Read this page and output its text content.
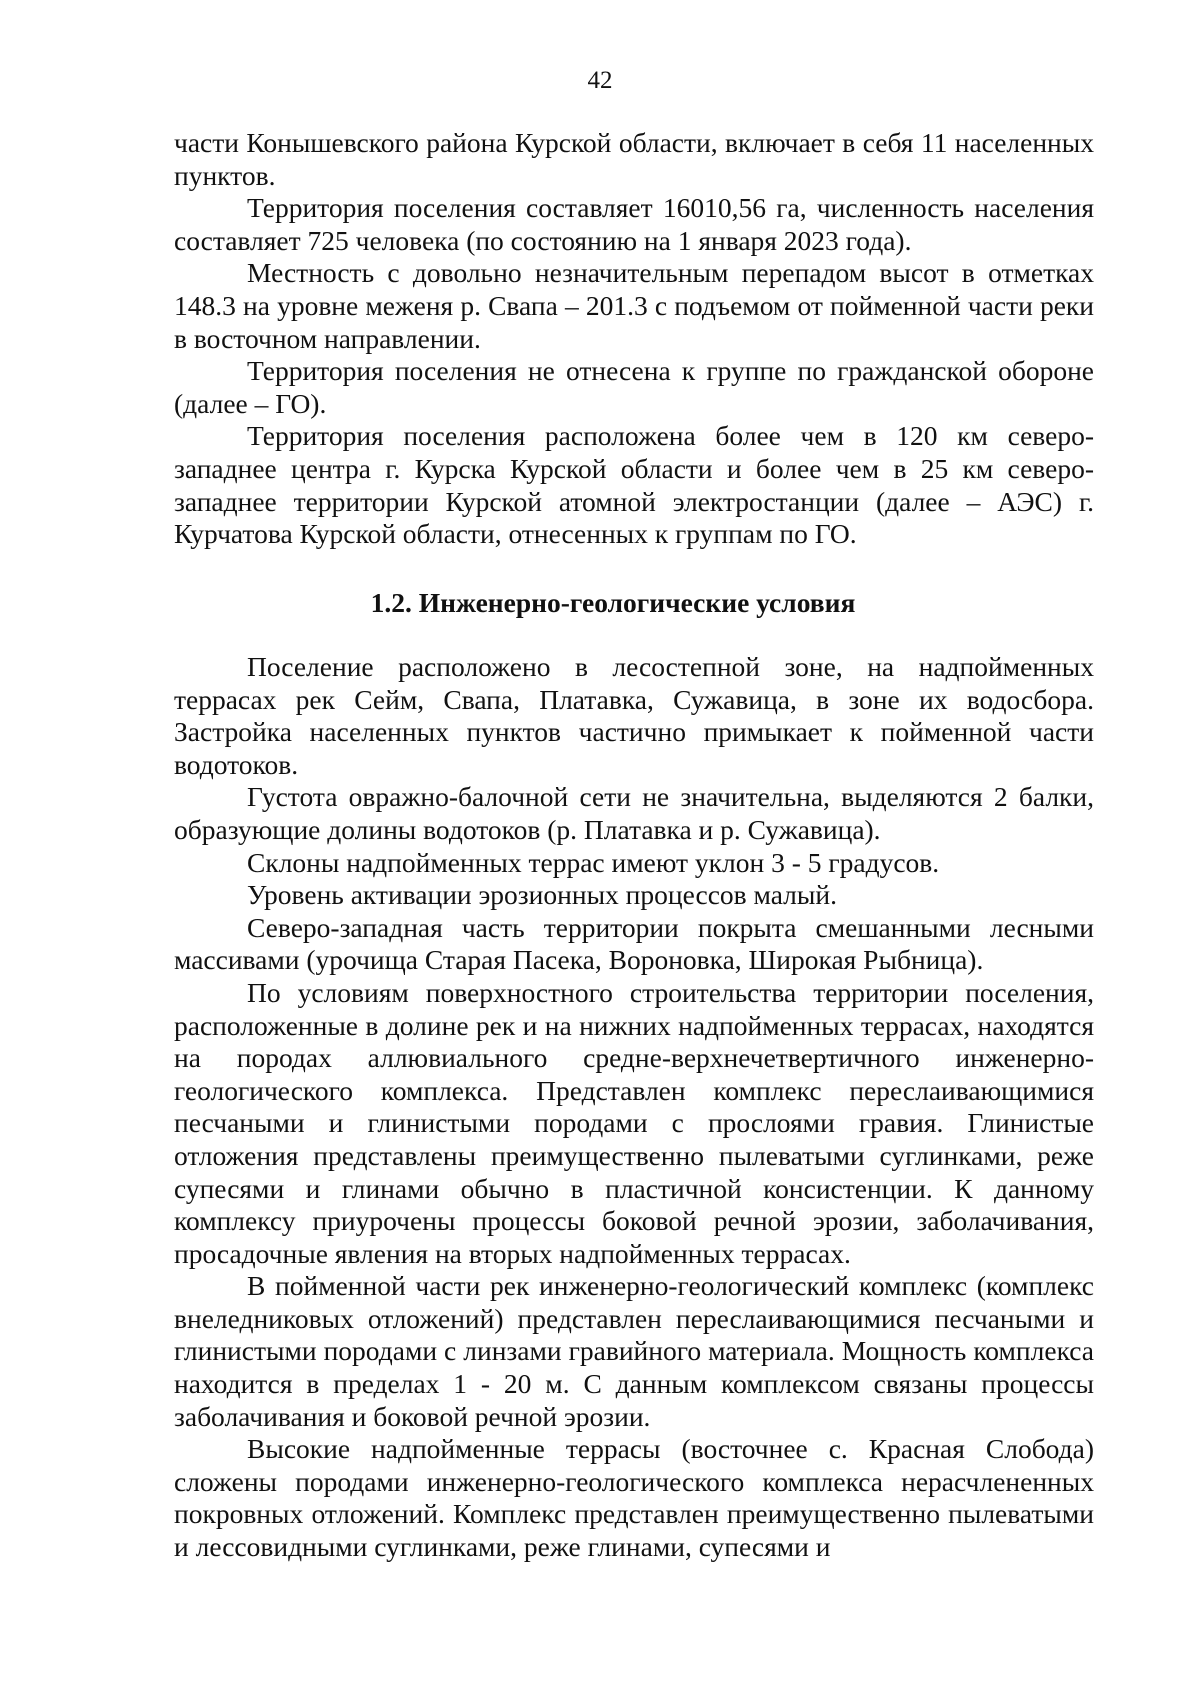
42

части Конышевского района Курской области, включает в себя 11 населенных пунктов.

Территория поселения составляет 16010,56 га, численность населения составляет 725 человека (по состоянию на 1 января 2023 года).

Местность с довольно незначительным перепадом высот в отметках 148.3 на уровне меженя р. Свапа – 201.3 с подъемом от пойменной части реки в восточном направлении.

Территория поселения не отнесена к группе по гражданской обороне (далее – ГО).

Территория поселения расположена более чем в 120 км северо-западнее центра г. Курска Курской области и более чем в 25 км северо-западнее территории Курской атомной электростанции (далее – АЭС) г. Курчатова Курской области, отнесенных к группам по ГО.

1.2. Инженерно-геологические условия

Поселение расположено в лесостепной зоне, на надпойменных террасах рек Сейм, Свапа, Платавка, Сужавица, в зоне их водосбора. Застройка населенных пунктов частично примыкает к пойменной части водотоков.

Густота овражно-балочной сети не значительна, выделяются 2 балки, образующие долины водотоков (р. Платавка и р. Сужавица).

Склоны надпойменных террас имеют уклон 3 - 5 градусов.

Уровень активации эрозионных процессов малый.

Северо-западная часть территории покрыта смешанными лесными массивами (урочища Старая Пасека, Вороновка, Широкая Рыбница).

По условиям поверхностного строительства территории поселения, расположенные в долине рек и на нижних надпойменных террасах, находятся на породах аллювиального средне-верхнечетвертичного инженерно-геологического комплекса. Представлен комплекс переслаивающимися песчаными и глинистыми породами с прослоями гравия. Глинистые отложения представлены преимущественно пылеватыми суглинками, реже супесями и глинами обычно в пластичной консистенции. К данному комплексу приурочены процессы боковой речной эрозии, заболачивания, просадочные явления на вторых надпойменных террасах.

В пойменной части рек инженерно-геологический комплекс (комплекс внеледниковых отложений) представлен переслаивающимися песчаными и глинистыми породами с линзами гравийного материала. Мощность комплекса находится в пределах 1 - 20 м. С данным комплексом связаны процессы заболачивания и боковой речной эрозии.

Высокие надпойменные террасы (восточнее с. Красная Слобода) сложены породами инженерно-геологического комплекса нерасчлененных покровных отложений. Комплекс представлен преимущественно пылеватыми и лессовидными суглинками, реже глинами, супесями и
